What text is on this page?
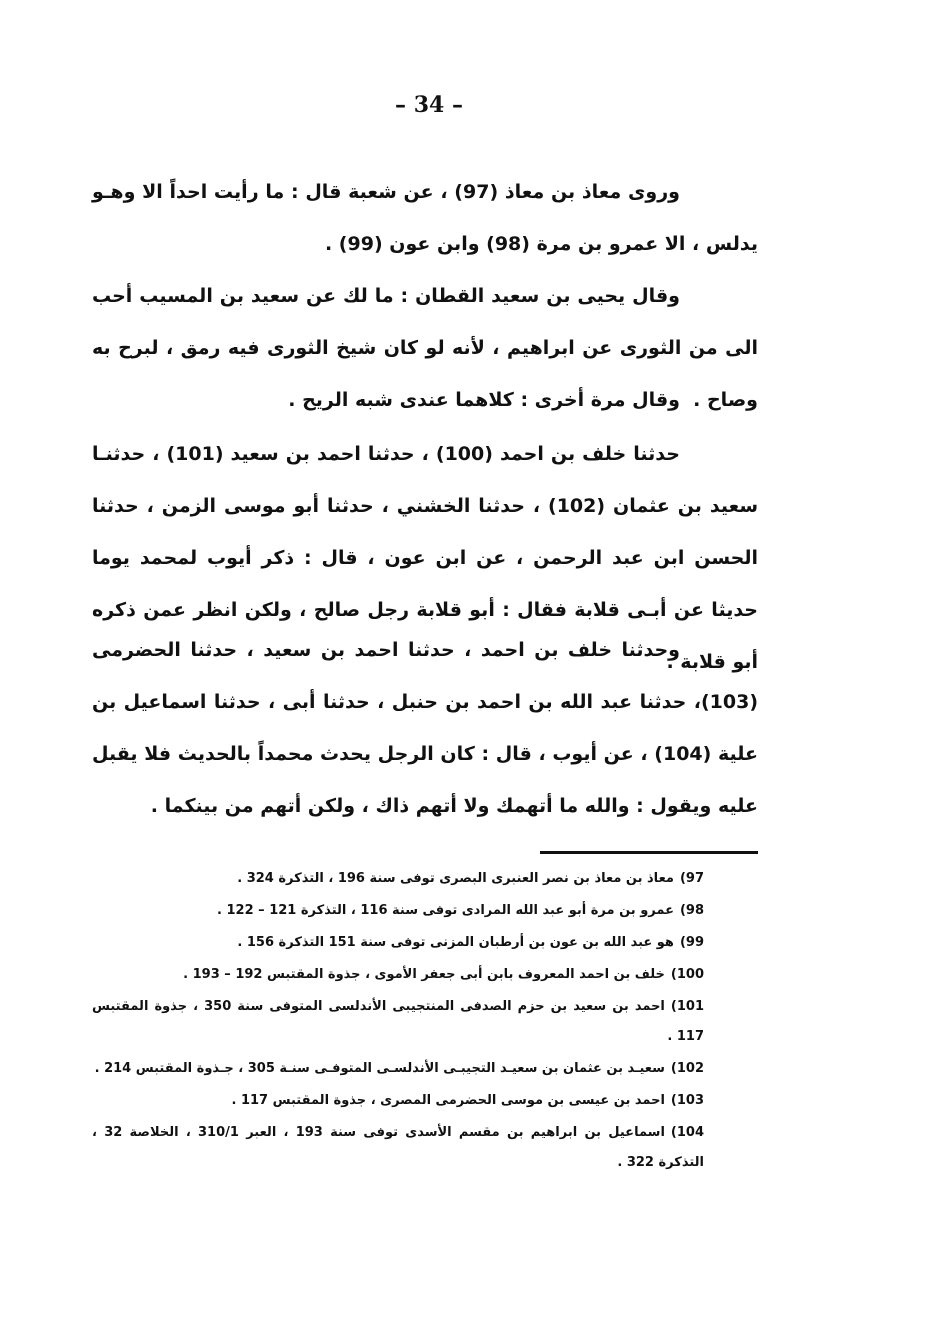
– 34 –

وروى معاذ بن معاذ (97) ، عن شعبة قال : ما رأيت احداً الا وهـو يدلس ، الا عمرو بن مرة (98) وابن عون (99) .

وقال يحيى بن سعيد القطان : ما لك عن سعيد بن المسيب أحب الى من الثورى عن ابراهيم ، لأنه لو كان شيخ الثورى فيه رمق ، لبرح به وصاح .

وقال مرة أخرى : كلاهما عندى شبه الريح .

حدثنا خلف بن احمد (100) ، حدثنا احمد بن سعيد (101) ، حدثنـا سعيد بن عثمان (102) ، حدثنا الخشني ، حدثنا أبو موسى الزمن ، حدثنا الحسن ابن عبد الرحمن ، عن ابن عون ، قال : ذكر أيوب لمحمد يوما حديثا عن أبـى قلابة فقال : أبو قلابة رجل صالح ، ولكن انظر عمن ذكره أبو قلابة .

وحدثنا خلف بن احمد ، حدثنا احمد بن سعيد ، حدثنا الحضرمى (103)، حدثنا عبد الله بن احمد بن حنبل ، حدثنا أبى ، حدثنا اسماعيل بن علية (104) ، عن أيوب ، قال : كان الرجل يحدث محمداً بالحديث فلا يقبل عليه ويقول : والله ما أتهمك ولا أتهم ذاك ، ولكن أتهم من بينكما .

97)معاذ بن معاذ بن نصر العنبرى البصرى توفى سنة 196 ، التذكرة 324 .
98)عمرو بن مرة أبو عبد الله المرادى توفى سنة 116 ، التذكرة 121 – 122 .
99)هو عبد الله بن عون بن أرطبان المزنى توفى سنة 151 التذكرة 156 .
100)خلف بن احمد المعروف بابن أبى جعفر الأموى ، جذوة المقتبس 192 – 193 .
101)احمد بن سعيد بن حزم الصدفى المنتجيبى الأندلسى المتوفى سنة 350 ، جذوة المقتبس 117 .
102)سعيـد بن عثمان بن سعيـد التجيبـى الأندلسـى المتوفـى سنـة 305 ، جـذوة المقتبس 214 .
103)احمد بن عيسى بن موسى الحضرمى المصرى ، جذوة المقتبس 117 .
104)اسماعيل بن ابراهيم بن مقسم الأسدى توفى سنة 193 ، العبر 310/1 ، الخلاصة 32 ، التذكرة 322 .
